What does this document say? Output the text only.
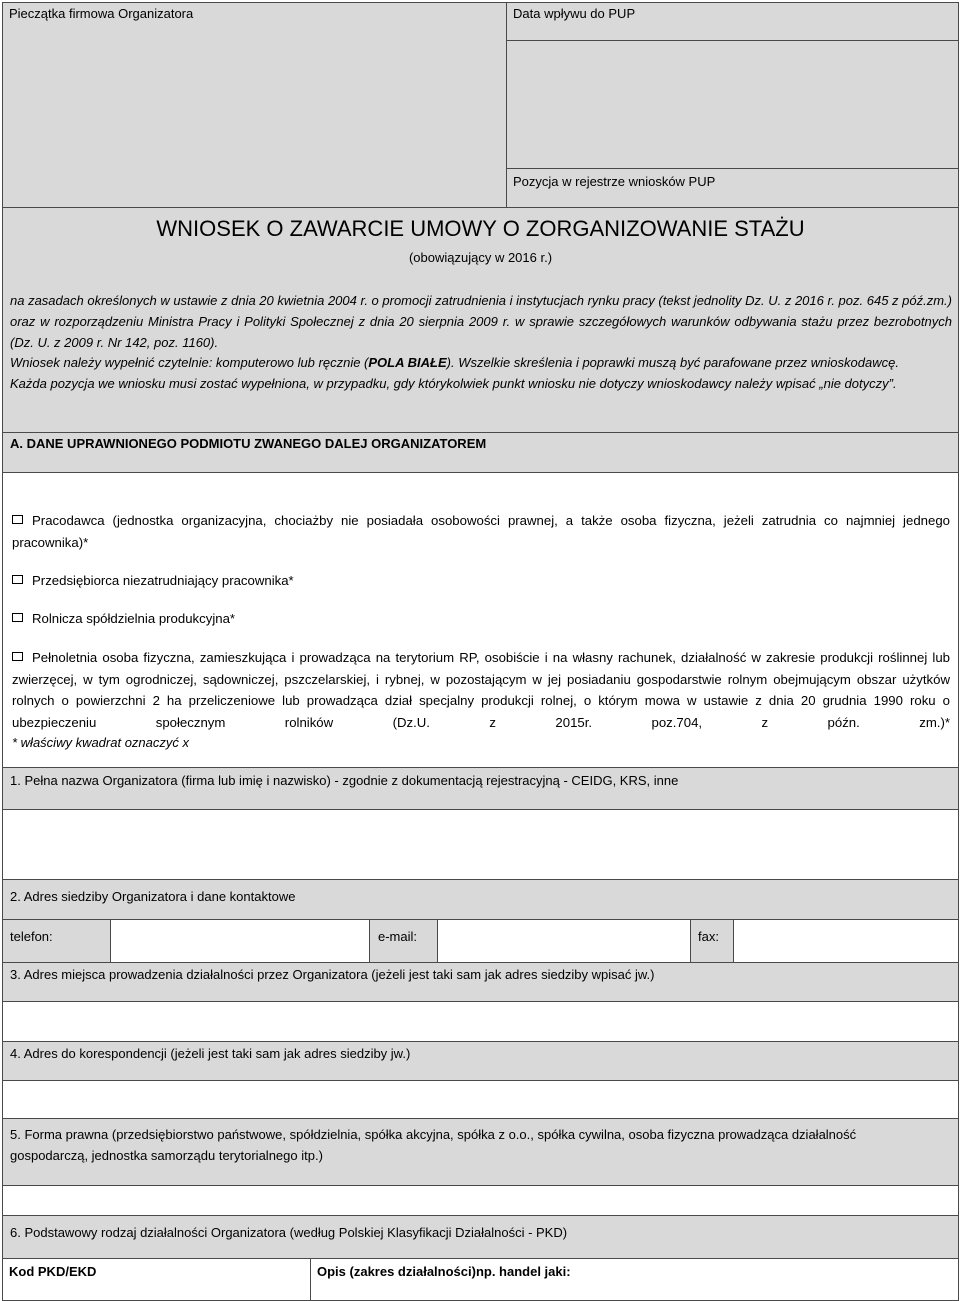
Pieczątka firmowa Organizatora	Data wpływu do PUP
Pozycja w rejestrze wniosków PUP
WNIOSEK O ZAWARCIE UMOWY O ZORGANIZOWANIE STAŻU
(obowiązujący w 2016 r.)
na zasadach określonych w ustawie z dnia 20 kwietnia 2004 r. o promocji zatrudnienia i instytucjach rynku pracy (tekst jednolity Dz. U. z 2016 r. poz. 645 z póź.zm.) oraz w rozporządzeniu Ministra Pracy i Polityki Społecznej z dnia 20 sierpnia 2009 r. w sprawie szczegółowych warunków odbywania stażu przez bezrobotnych (Dz. U. z 2009 r. Nr 142, poz. 1160).
Wniosek należy wypełnić czytelnie: komputerowo lub ręcznie (POLA BIAŁE). Wszelkie skreślenia i poprawki muszą być parafowane przez wnioskodawcę.
Każda pozycja we wniosku musi zostać wypełniona, w przypadku, gdy którykolwiek punkt wniosku nie dotyczy wnioskodawcy należy wpisać „nie dotyczy”.
A. DANE UPRAWNIONEGO PODMIOTU ZWANEGO DALEJ ORGANIZATOREM
Pracodawca (jednostka organizacyjna, chociażby nie posiadała osobowości prawnej, a także osoba fizyczna, jeżeli zatrudnia co najmniej jednego pracownika)*
Przedsiębiorca niezatrudniający pracownika*
Rolnicza spółdzielnia produkcyjna*
Pełnoletnia osoba fizyczna, zamieszkująca i prowadząca na terytorium RP, osobiście i na własny rachunek, działalność w zakresie produkcji roślinnej lub zwierzęcej, w tym ogrodniczej, sądowniczej, pszczelarskiej, i rybnej, w pozostającym w jej posiadaniu gospodarstwie rolnym obejmującym obszar użytków rolnych o powierzchni 2 ha przeliczeniowe lub prowadząca dział specjalny produkcji rolnej, o którym mowa w ustawie z dnia 20 grudnia 1990 roku o ubezpieczeniu społecznym rolników (Dz.U. z 2015r. poz.704, z późn. zm.)*
* właściwy kwadrat oznaczyć x
1. Pełna nazwa Organizatora (firma lub imię i nazwisko) - zgodnie z dokumentacją rejestracyjną - CEIDG, KRS, inne
2. Adres siedziby Organizatora i dane kontaktowe
telefon:	e-mail:	fax:
3. Adres miejsca prowadzenia działalności przez Organizatora (jeżeli jest taki sam jak adres siedziby wpisać jw.)
4. Adres do korespondencji (jeżeli jest taki sam jak adres siedziby jw.)
5. Forma prawna (przedsiębiorstwo państwowe, spółdzielnia, spółka akcyjna, spółka z o.o., spółka cywilna, osoba fizyczna prowadząca działalność gospodarczą, jednostka samorządu terytorialnego itp.)
6. Podstawowy rodzaj działalności Organizatora (według Polskiej Klasyfikacji Działalności - PKD)
Kod PKD/EKD	Opis (zakres działalności)np. handel jaki:
